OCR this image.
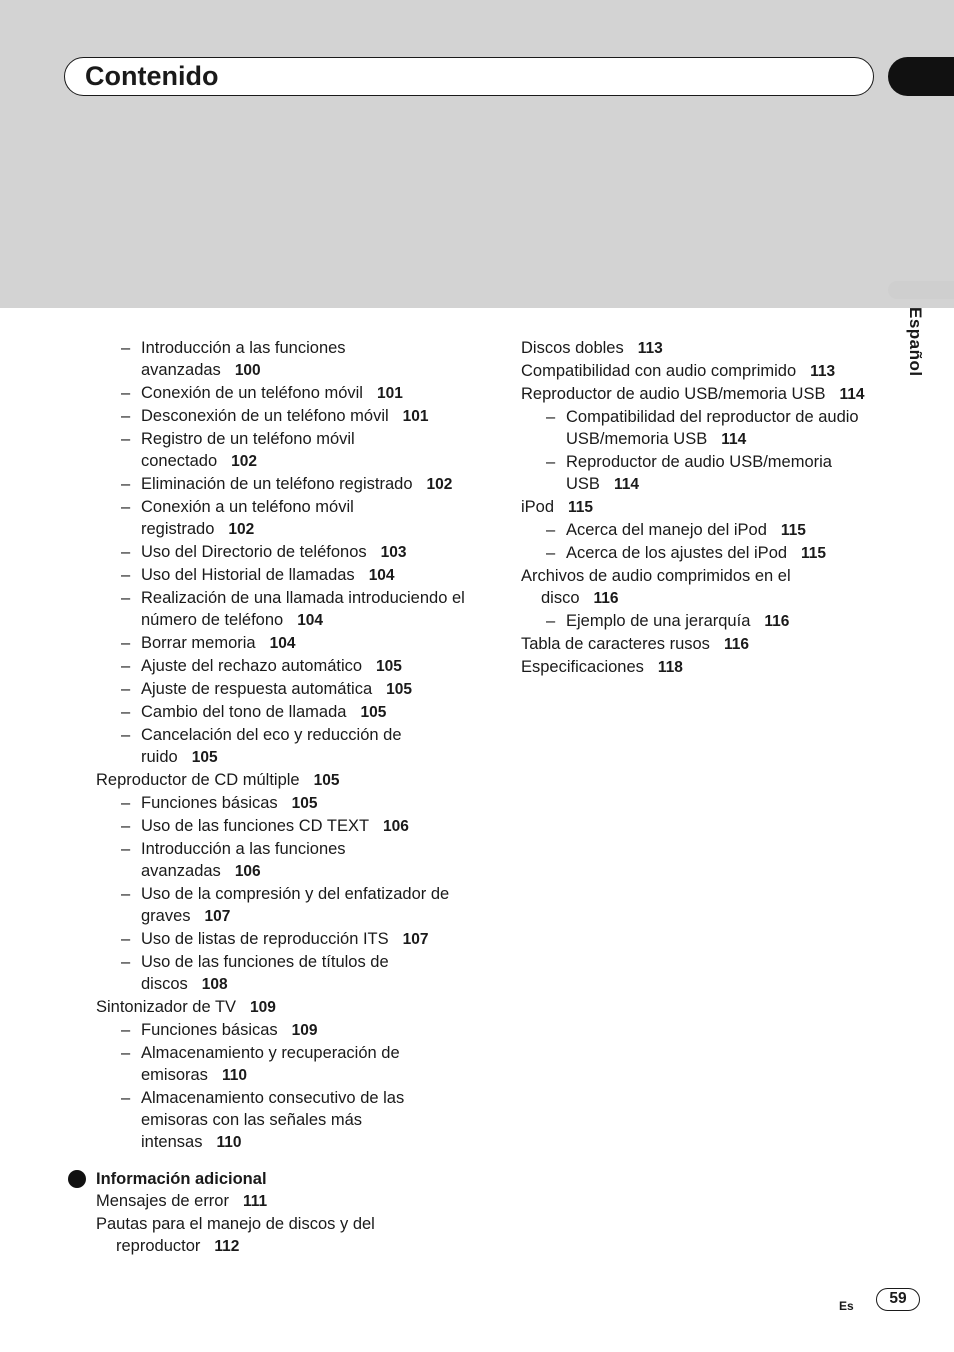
Contenido
Español
– Introducción a las funciones avanzadas 100
– Conexión de un teléfono móvil 101
– Desconexión de un teléfono móvil 101
– Registro de un teléfono móvil conectado 102
– Eliminación de un teléfono registrado 102
– Conexión a un teléfono móvil registrado 102
– Uso del Directorio de teléfonos 103
– Uso del Historial de llamadas 104
– Realización de una llamada introduciendo el número de teléfono 104
– Borrar memoria 104
– Ajuste del rechazo automático 105
– Ajuste de respuesta automática 105
– Cambio del tono de llamada 105
– Cancelación del eco y reducción de ruido 105
Reproductor de CD múltiple 105
– Funciones básicas 105
– Uso de las funciones CD TEXT 106
– Introducción a las funciones avanzadas 106
– Uso de la compresión y del enfatizador de graves 107
– Uso de listas de reproducción ITS 107
– Uso de las funciones de títulos de discos 108
Sintonizador de TV 109
– Funciones básicas 109
– Almacenamiento y recuperación de emisoras 110
– Almacenamiento consecutivo de las emisoras con las señales más intensas 110
Información adicional
Mensajes de error 111
Pautas para el manejo de discos y del reproductor 112
Discos dobles 113
Compatibilidad con audio comprimido 113
Reproductor de audio USB/memoria USB 114
– Compatibilidad del reproductor de audio USB/memoria USB 114
– Reproductor de audio USB/memoria USB 114
iPod 115
– Acerca del manejo del iPod 115
– Acerca de los ajustes del iPod 115
Archivos de audio comprimidos en el disco 116
– Ejemplo de una jerarquía 116
Tabla de caracteres rusos 116
Especificaciones 118
Es	59
